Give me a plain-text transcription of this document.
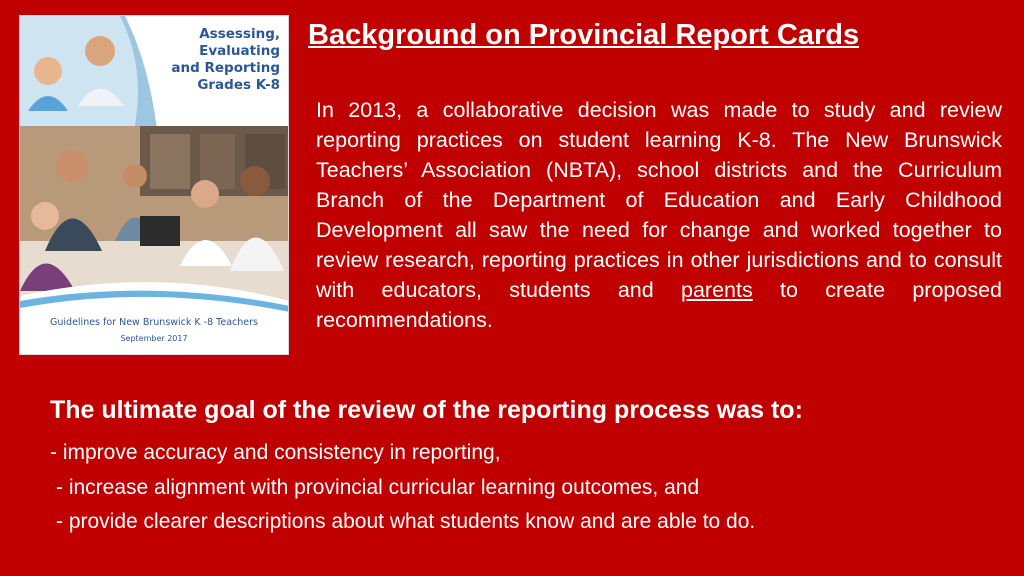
Assessing, Evaluating
and Reporting
Grades K-8
Guidelines for New Brunswick K -8 Teachers
September 2017
Background on Provincial Report Cards
In 2013, a collaborative decision was made to study and review reporting practices on student learning K-8. The New Brunswick Teachers’ Association (NBTA), school districts and the Curriculum Branch of the Department of Education and Early Childhood Development all saw the need for change and worked together to review research, reporting practices in other jurisdictions and to consult with educators, students and parents to create proposed recommendations.
The ultimate goal of the review of the reporting process was to:
- improve accuracy and consistency in reporting,
- increase alignment with provincial curricular learning outcomes, and
- provide clearer descriptions about what students know and are able to do.
